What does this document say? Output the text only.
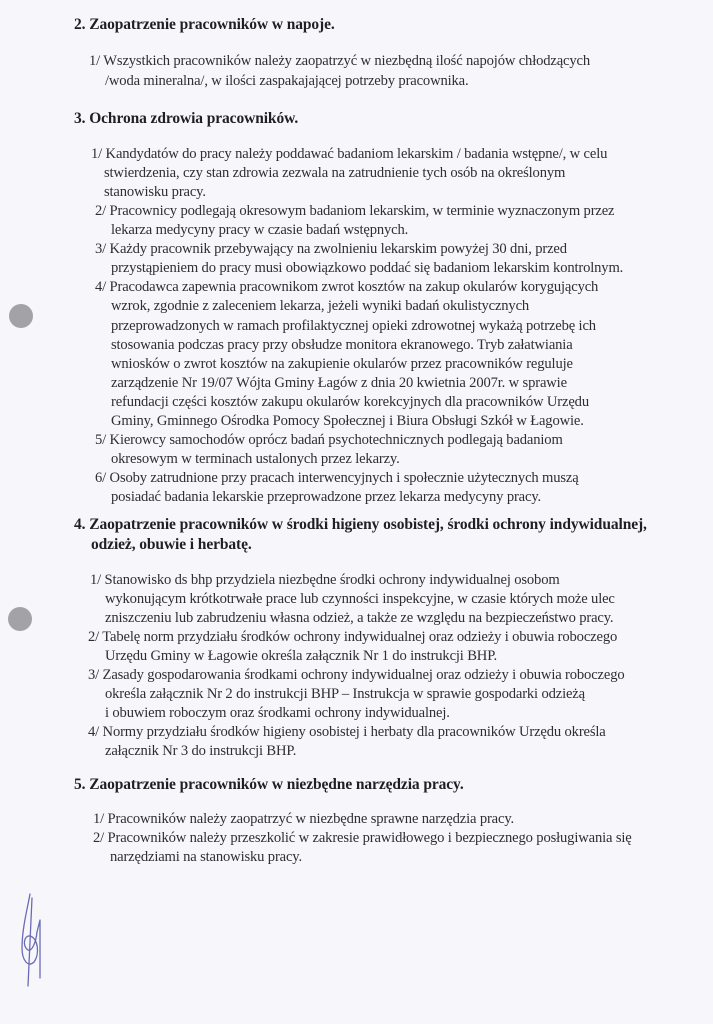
2. Zaopatrzenie pracowników w napoje.
1/ Wszystkich pracowników należy zaopatrzyć w niezbędną ilość napojów chłodzących
/woda mineralna/, w ilości zaspakajającej potrzeby pracownika.
3. Ochrona zdrowia pracowników.
1/ Kandydatów do pracy należy poddawać badaniom lekarskim / badania wstępne/, w celu
stwierdzenia, czy stan zdrowia zezwala na zatrudnienie tych osób na określonym
stanowisku pracy.
2/ Pracownicy podlegają okresowym badaniom lekarskim, w terminie wyznaczonym przez
lekarza medycyny pracy w czasie badań wstępnych.
3/ Każdy pracownik przebywający na zwolnieniu lekarskim powyżej 30 dni, przed
przystąpieniem do pracy musi obowiązkowo poddać się badaniom lekarskim kontrolnym.
4/ Pracodawca zapewnia pracownikom zwrot kosztów na zakup okularów korygujących
wzrok, zgodnie z zaleceniem lekarza, jeżeli wyniki badań okulistycznych
przeprowadzonych w ramach profilaktycznej opieki zdrowotnej wykażą potrzebę ich
stosowania podczas pracy przy obsłudze monitora ekranowego. Tryb załatwiania
wniosków o zwrot kosztów na zakupienie okularów przez pracowników reguluje
zarządzenie Nr 19/07 Wójta Gminy Łagów z dnia 20 kwietnia 2007r. w sprawie
refundacji części kosztów zakupu okularów korekcyjnych dla pracowników Urzędu
Gminy, Gminnego Ośrodka Pomocy Społecznej i Biura Obsługi Szkół w Łagowie.
5/ Kierowcy samochodów oprócz badań psychotechnicznych podlegają badaniom
okresowym w terminach ustalonych przez lekarzy.
6/ Osoby zatrudnione przy pracach interwencyjnych i społecznie użytecznych muszą
posiadać badania lekarskie przeprowadzone przez lekarza medycyny pracy.
4. Zaopatrzenie pracowników w środki higieny osobistej, środki ochrony indywidualnej,
odzież, obuwie i herbatę.
1/ Stanowisko ds bhp przydziela niezbędne środki ochrony indywidualnej osobom
wykonującym krótkotrwałe prace lub czynności inspekcyjne, w czasie których może ulec
zniszczeniu lub zabrudzeniu własna odzież, a także ze względu na bezpieczeństwo pracy.
2/ Tabelę norm przydziału środków ochrony indywidualnej oraz odzieży i obuwia roboczego
Urzędu Gminy w Łagowie określa załącznik Nr 1 do instrukcji BHP.
3/ Zasady gospodarowania środkami ochrony indywidualnej oraz odzieży i obuwia roboczego
określa załącznik Nr 2 do instrukcji BHP – Instrukcja w sprawie gospodarki odzieżą
i obuwiem roboczym oraz środkami ochrony indywidualnej.
4/ Normy przydziału środków higieny osobistej i herbaty dla pracowników Urzędu określa
załącznik Nr 3 do instrukcji BHP.
5. Zaopatrzenie pracowników w niezbędne narzędzia pracy.
1/ Pracowników należy zaopatrzyć w niezbędne sprawne narzędzia pracy.
2/ Pracowników należy przeszkolić w zakresie prawidłowego i bezpiecznego posługiwania się
narzędziami na stanowisku pracy.
